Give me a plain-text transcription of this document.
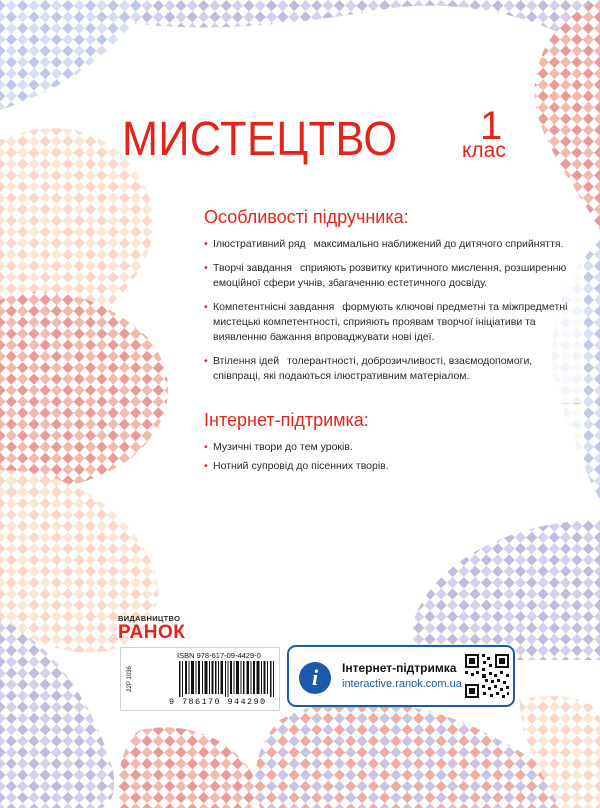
МИСТЕЦТВО 1
клас
Особливості підручника:
• Ілюстративний ряд максимально наближений до дитячого сприйняття.
• Творчі завдання сприяють розвитку критичного мислення, розширенню емоційної сфери учнів, збагаченню естетичного досвіду.
• Компетентнісні завдання формують ключові предметні та міжпредметні мистецькі компетентності, сприяють проявам творчої ініціативи та виявленню бажання впроваджувати нові ідеї.
• Втілення ідей толерантності, доброзичливості, взаємодопомоги, співпраці, які подаються ілюстративним матеріалом.
Інтернет-підтримка:
• Музичні твори до тем уроків.
• Нотний супровід до пісенних творів.
ВИДАВНИЦТВО
РАНОК
22Р 1036
ISBN 978-617-09-4429-0
9 786170 944290
i	Інтернет-підтримка
interactive.ranok.com.ua
